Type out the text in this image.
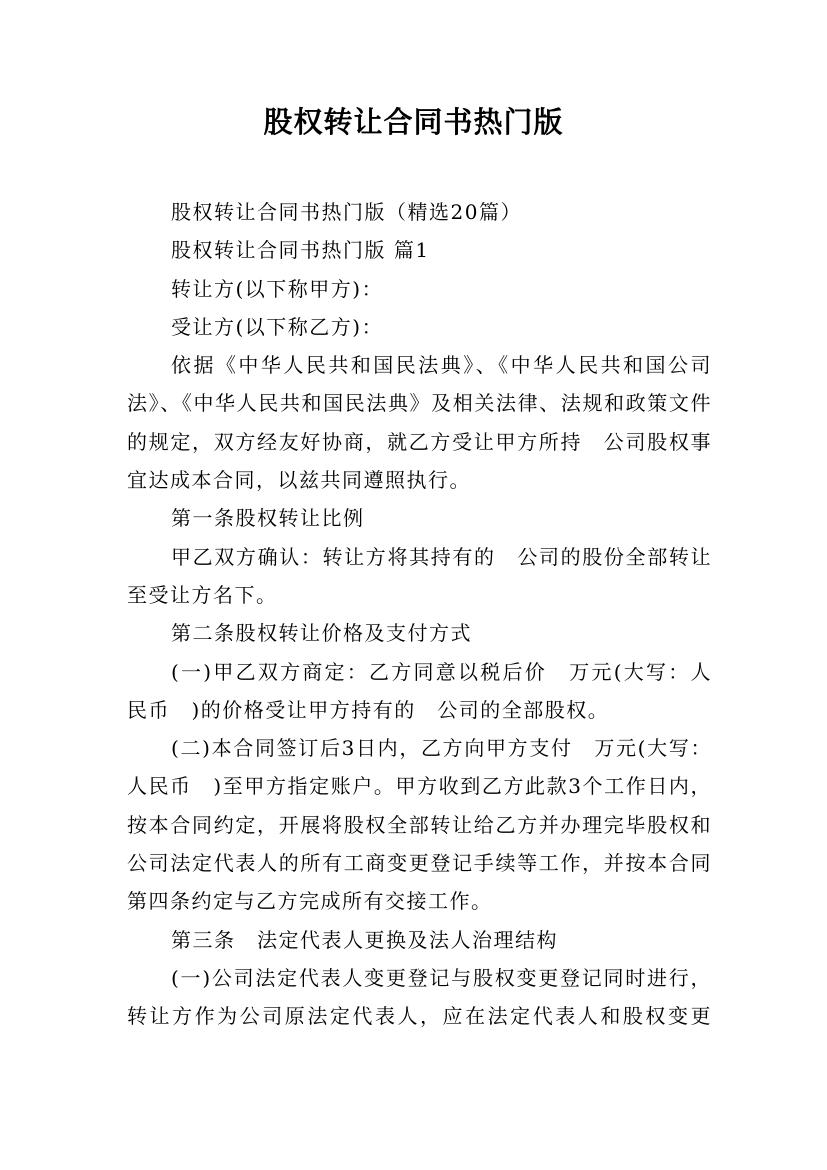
股权转让合同书热门版

股权转让合同书热门版（精选20篇）

股权转让合同书热门版 篇1

转让方(以下称甲方)：

受让方(以下称乙方)：

依据《中华人民共和国民法典》、《中华人民共和国公司法》、《中华人民共和国民法典》及相关法律、法规和政策文件的规定，双方经友好协商，就乙方受让甲方所持　公司股权事宜达成本合同，以兹共同遵照执行。

第一条股权转让比例

甲乙双方确认：转让方将其持有的　公司的股份全部转让至受让方名下。

第二条股权转让价格及支付方式

(一)甲乙双方商定：乙方同意以税后价　万元(大写：人民币　)的价格受让甲方持有的　公司的全部股权。

(二)本合同签订后3日内，乙方向甲方支付　万元(大写：人民币　)至甲方指定账户。甲方收到乙方此款3个工作日内，按本合同约定，开展将股权全部转让给乙方并办理完毕股权和公司法定代表人的所有工商变更登记手续等工作，并按本合同第四条约定与乙方完成所有交接工作。

第三条　法定代表人更换及法人治理结构

(一)公司法定代表人变更登记与股权变更登记同时进行，转让方作为公司原法定代表人，应在法定代表人和股权变更
